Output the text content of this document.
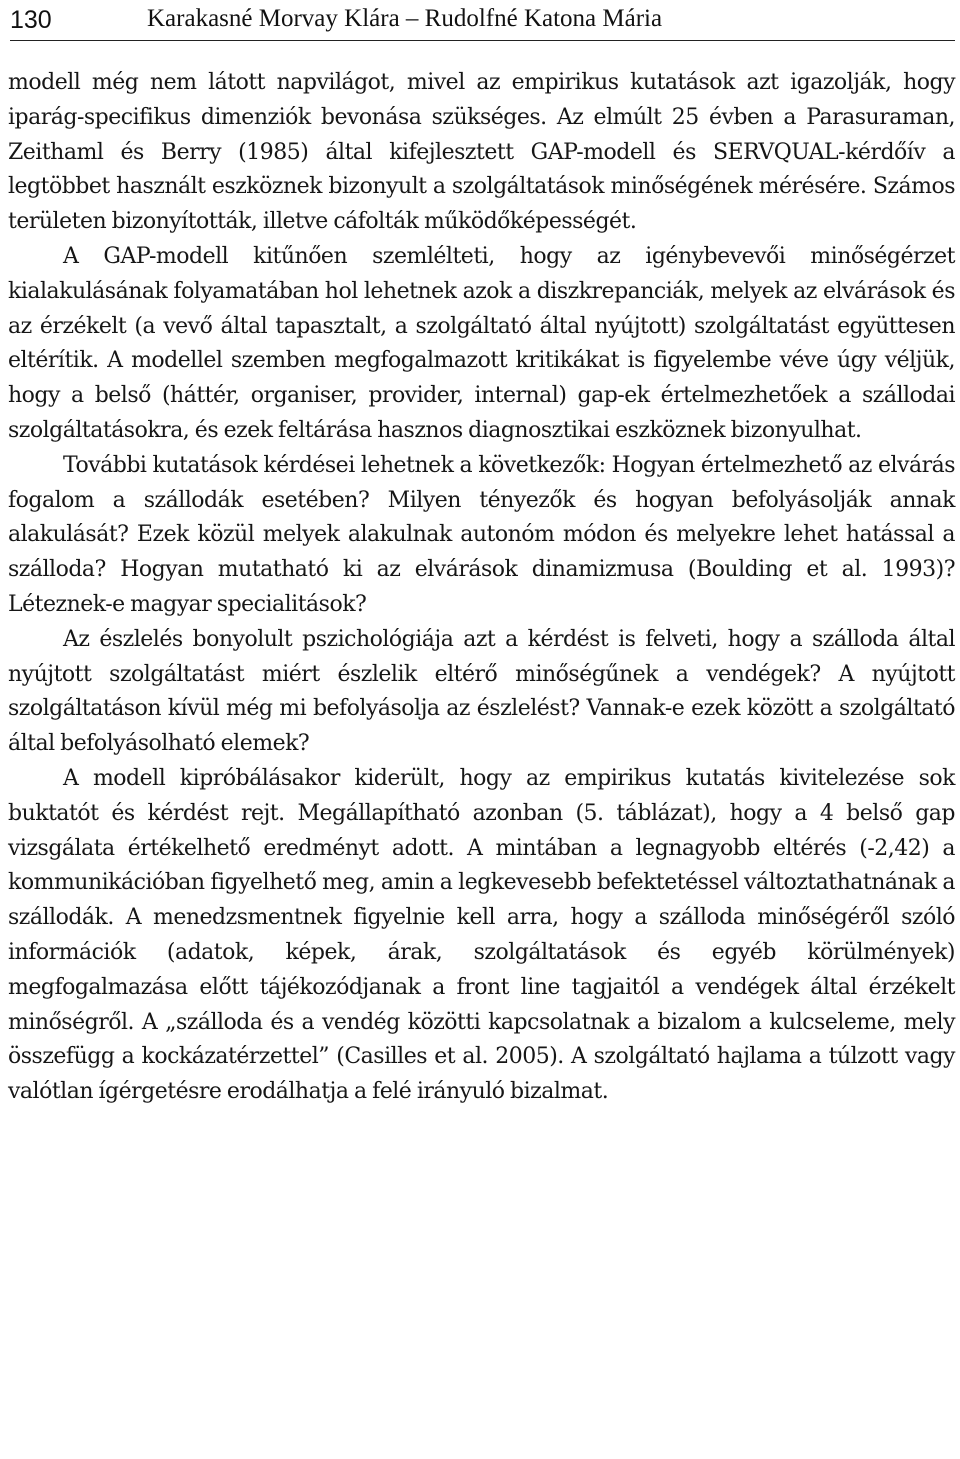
130	Karakasné Morvay Klára – Rudolfné Katona Mária

modell még nem látott napvilágot, mivel az empirikus kutatások azt igazolják, hogy iparág-specifikus dimenziók bevonása szükséges. Az elmúlt 25 évben a Parasuraman, Zeithaml és Berry (1985) által kifejlesztett GAP-modell és SERVQUAL-kérdőív a legtöbbet használt eszköznek bizonyult a szolgáltatások minőségének mérésére. Számos területen bizonyították, illetve cáfolták működőképességét.

A GAP-modell kitűnően szemlélteti, hogy az igénybevevői minőségérzet kialakulásának folyamatában hol lehetnek azok a diszkrepanciák, melyek az elvárások és az érzékelt (a vevő által tapasztalt, a szolgáltató által nyújtott) szolgáltatást együttesen eltérítik. A modellel szemben megfogalmazott kritikákat is figyelembe véve úgy véljük, hogy a belső (háttér, organiser, provider, internal) gap-ek értelmezhetőek a szállodai szolgáltatásokra, és ezek feltárása hasznos diagnosztikai eszköznek bizonyulhat.

További kutatások kérdései lehetnek a következők: Hogyan értelmezhető az elvárás fogalom a szállodák esetében? Milyen tényezők és hogyan befolyásolják annak alakulását? Ezek közül melyek alakulnak autonóm módon és melyekre lehet hatással a szálloda? Hogyan mutatható ki az elvárások dinamizmusa (Boulding et al. 1993)? Léteznek-e magyar specialitások?

Az észlelés bonyolult pszichológiája azt a kérdést is felveti, hogy a szálloda által nyújtott szolgáltatást miért észlelik eltérő minőségűnek a vendégek? A nyújtott szolgáltatáson kívül még mi befolyásolja az észlelést? Vannak-e ezek között a szolgáltató által befolyásolható elemek?

A modell kipróbálásakor kiderült, hogy az empirikus kutatás kivitelezése sok buktatót és kérdést rejt. Megállapítható azonban (5. táblázat), hogy a 4 belső gap vizsgálata értékelhető eredményt adott. A mintában a legnagyobb eltérés (-2,42) a kommunikációban figyelhető meg, amin a legkevesebb befektetéssel változtathatnának a szállodák. A menedzsmentnek figyelnie kell arra, hogy a szálloda minőségéről szóló információk (adatok, képek, árak, szolgáltatások és egyéb körülmények) megfogalmazása előtt tájékozódjanak a front line tagjaitól a vendégek által érzékelt minőségről. A „szálloda és a vendég közötti kapcsolatnak a bizalom a kulcseleme, mely összefügg a kockázatérzettel” (Casilles et al. 2005). A szolgáltató hajlama a túlzott vagy valótlan ígérgetésre erodálhatja a felé irányuló bizalmat.
